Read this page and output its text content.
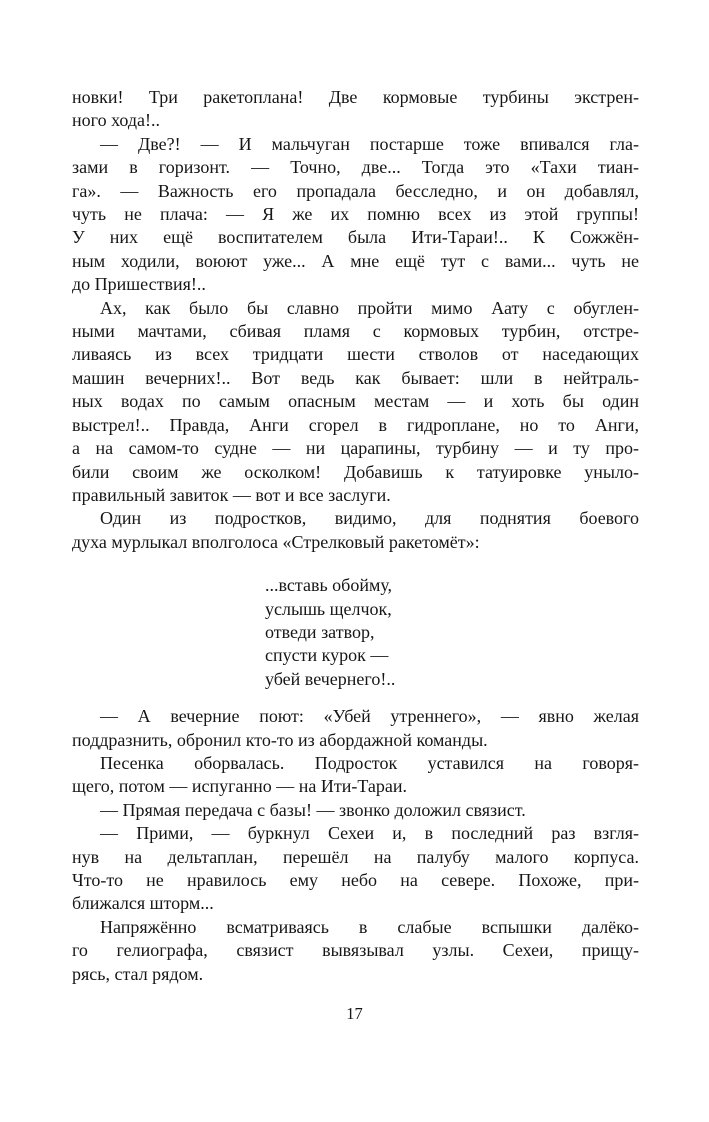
новки! Три ракетоплана! Две кормовые турбины экстрен-
ного хода!..
— Две?! — И мальчуган постарше тоже впивался гла-
зами в горизонт. — Точно, две... Тогда это «Тахи тиан-
га». — Важность его пропадала бесследно, и он добавлял,
чуть не плача: — Я же их помню всех из этой группы!
У них ещё воспитателем была Ити-Тараи!.. К Сожжён-
ным ходили, воюют уже... А мне ещё тут с вами... чуть не
до Пришествия!..
Ах, как было бы славно пройти мимо Аату с обуглен-
ными мачтами, сбивая пламя с кормовых турбин, отстре-
ливаясь из всех тридцати шести стволов от наседающих
машин вечерних!.. Вот ведь как бывает: шли в нейтраль-
ных водах по самым опасным местам — и хоть бы один
выстрел!.. Правда, Анги сгорел в гидроплане, но то Анги,
а на самом-то судне — ни царапины, турбину — и ту про-
били своим же осколком! Добавишь к татуировке уныло-
правильный завиток — вот и все заслуги.
Один из подростков, видимо, для поднятия боевого
духа мурлыкал вполголоса «Стрелковый ракетомёт»:
...вставь обойму,
услышь щелчок,
отведи затвор,
спусти курок —
убей вечернего!..
— А вечерние поют: «Убей утреннего», — явно желая
поддразнить, обронил кто-то из абордажной команды.
Песенка оборвалась. Подросток уставился на говоря-
щего, потом — испуганно — на Ити-Тараи.
— Прямая передача с базы! — звонко доложил связист.
— Прими, — буркнул Сехеи и, в последний раз взгля-
нув на дельтаплан, перешёл на палубу малого корпуса.
Что-то не нравилось ему небо на севере. Похоже, при-
ближался шторм...
Напряжённо всматриваясь в слабые вспышки далёко-
го гелиографа, связист вывязывал узлы. Сехеи, прищу-
рясь, стал рядом.
17
